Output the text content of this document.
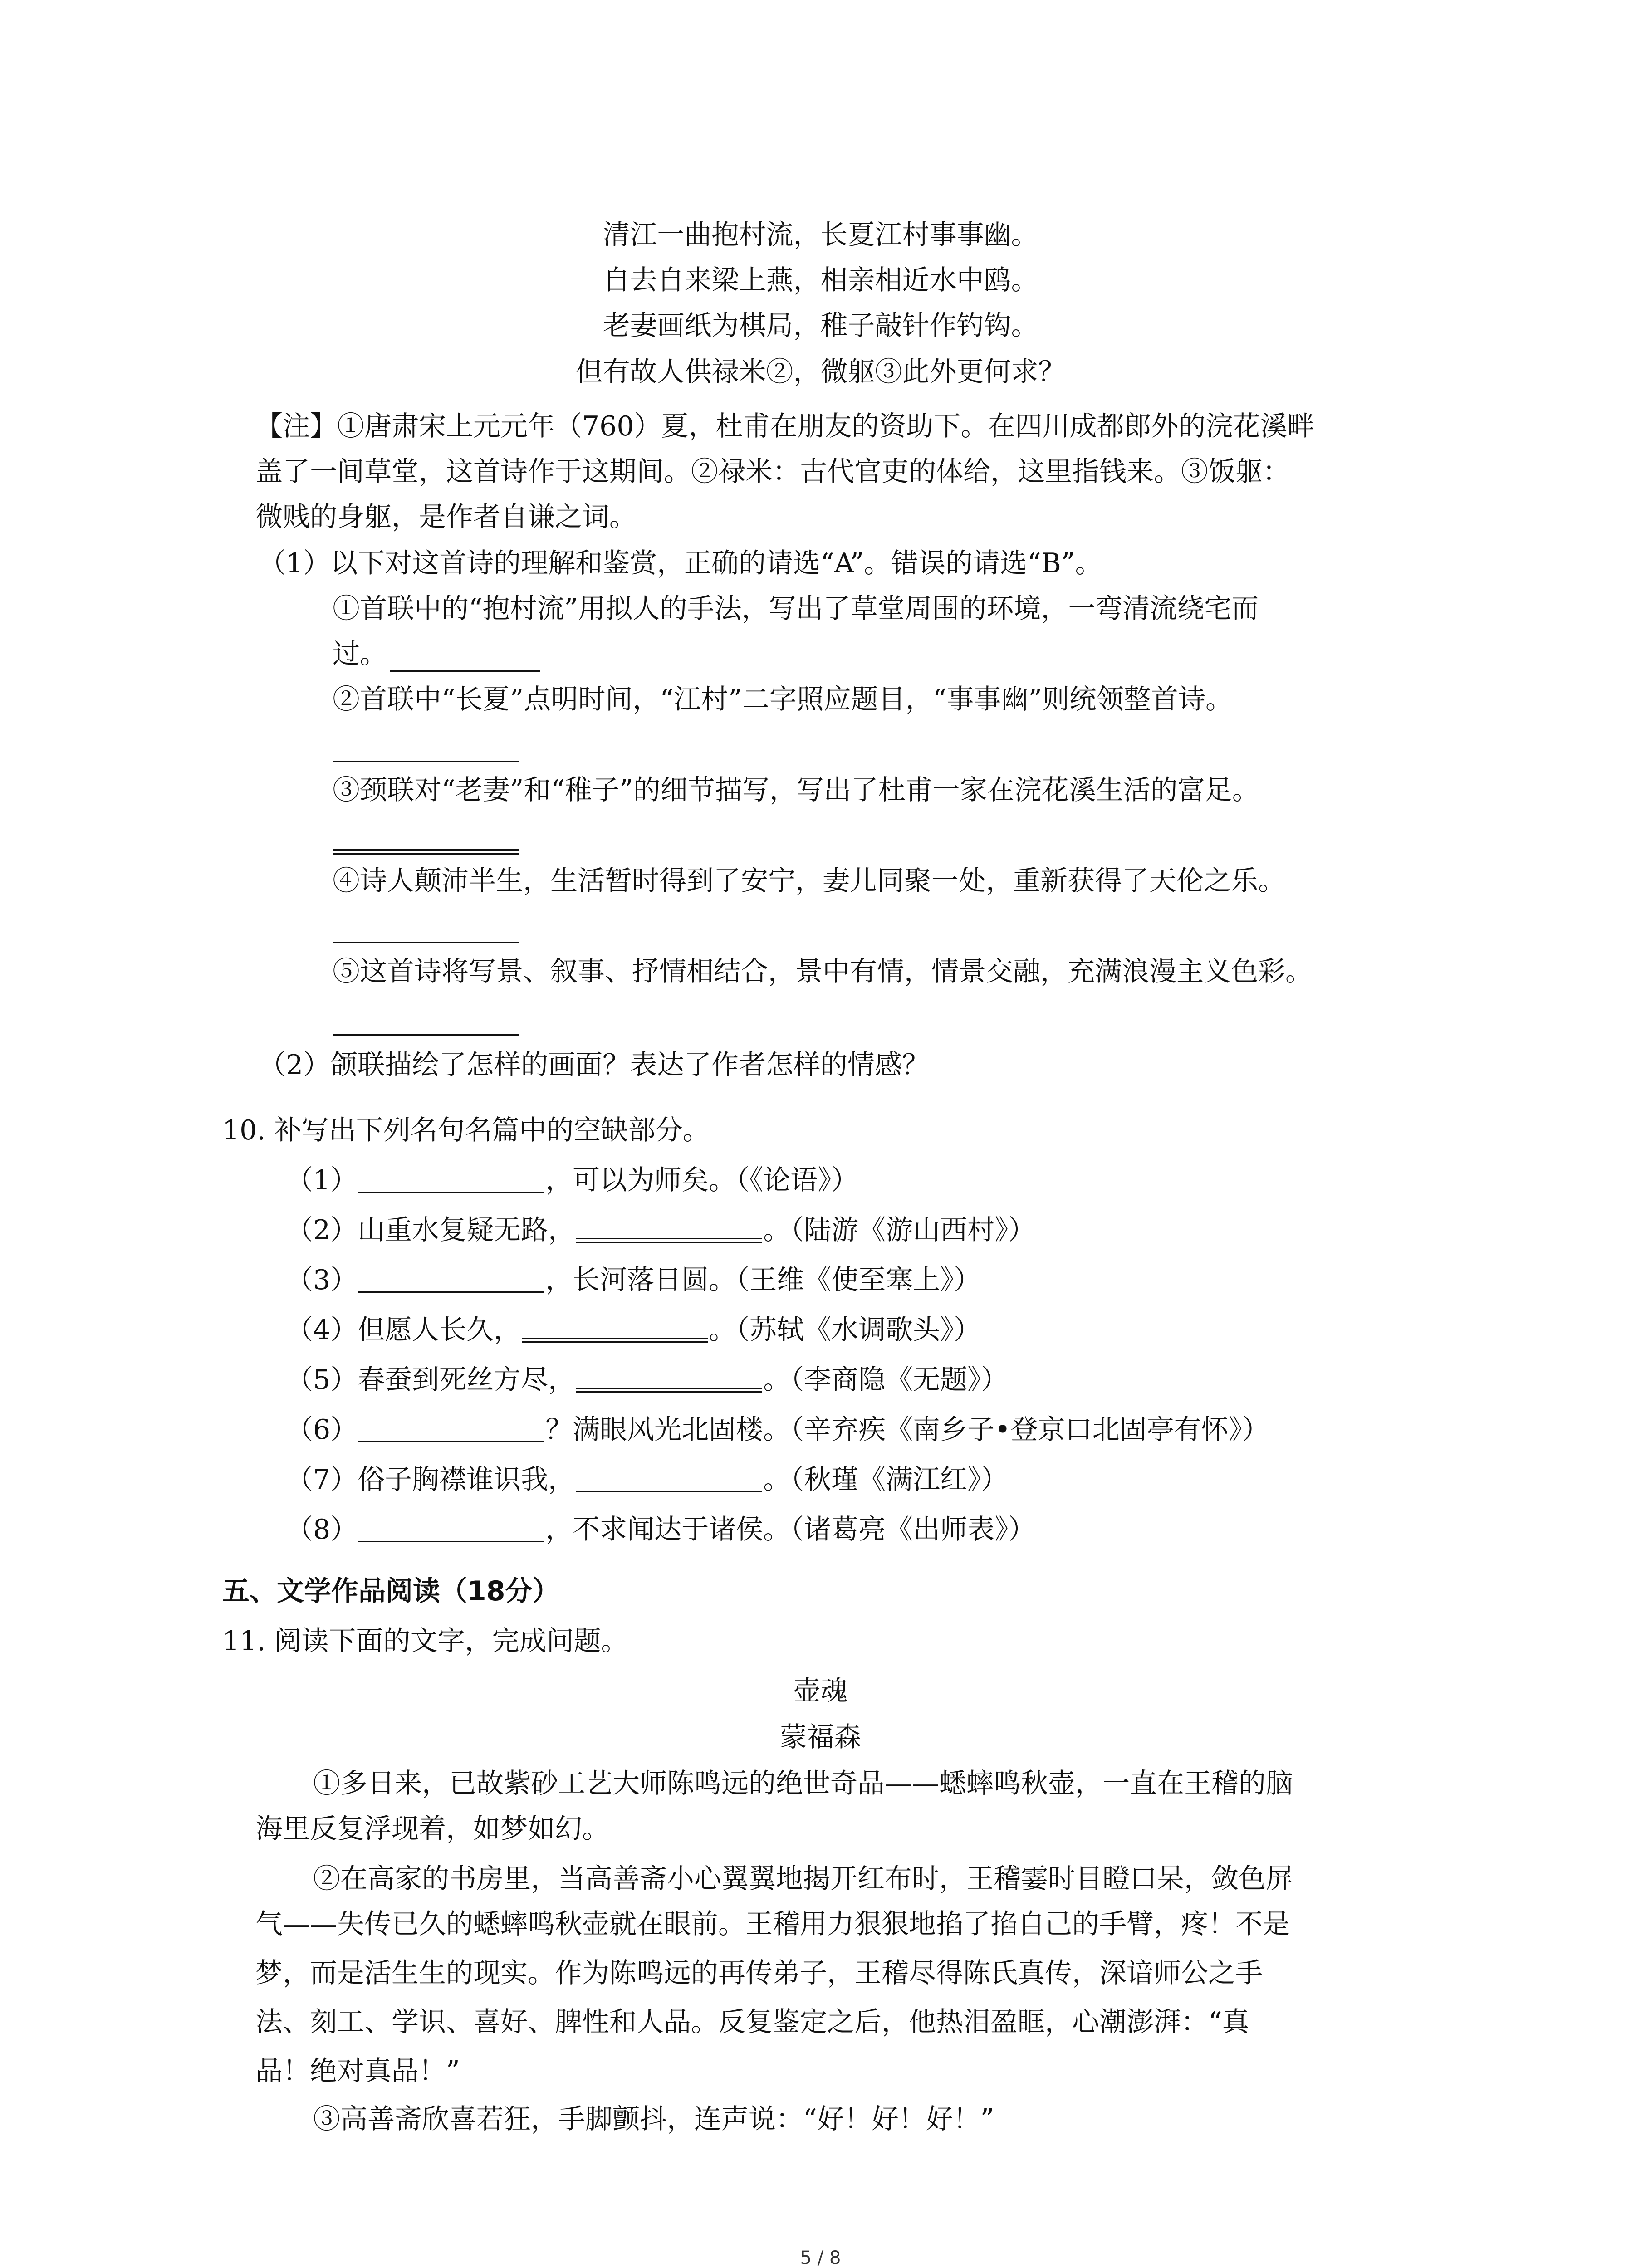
清江一曲抱村流，长夏江村事事幽。
自去自来梁上燕，相亲相近水中鸥。
老妻画纸为棋局，稚子敲针作钓钩。
但有故人供禄米②，微躯③此外更何求？
【注】①唐肃宋上元元年（760）夏，杜甫在朋友的资助下。在四川成都郎外的浣花溪畔
盖了一间草堂，这首诗作于这期间。②禄米：古代官吏的体给，这里指钱来。③饭躯：
微贱的身躯，是作者自谦之词。
（1）以下对这首诗的理解和鉴赏，正确的请选“A”。错误的请选“B”。
①首联中的“抱村流”用拟人的手法，写出了草堂周围的环境，一弯清流绕宅而
过。
②首联中“长夏”点明时间，“江村”二字照应题目，“事事幽”则统领整首诗。
③颈联对“老妻”和“稚子”的细节描写，写出了杜甫一家在浣花溪生活的富足。
④诗人颠沛半生，生活暂时得到了安宁，妻儿同聚一处，重新获得了天伦之乐。
⑤这首诗将写景、叙事、抒情相结合，景中有情，情景交融，充满浪漫主义色彩。
（2）颌联描绘了怎样的画面？表达了作者怎样的情感？
10. 补写出下列名句名篇中的空缺部分。
（1）	，可以为师矣。（《论语》）
（2）山重水复疑无路，	。（陆游《游山西村》）
（3）	，长河落日圆。（王维《使至塞上》）
（4）但愿人长久，	。（苏轼《水调歌头》）
（5）春蚕到死丝方尽，	。（李商隐《无题》）
（6）	？满眼风光北固楼。（辛弃疾《南乡子•登京口北固亭有怀》）
（7）俗子胸襟谁识我，	。（秋瑾《满江红》）
（8）	，不求闻达于诸侯。（诸葛亮《出师表》）
五、文学作品阅读（18分）
11. 阅读下面的文字，完成问题。
壶魂
蒙福森
①多日来，已故紫砂工艺大师陈鸣远的绝世奇品——蟋蟀鸣秋壶，一直在王稽的脑
海里反复浮现着，如梦如幻。
②在高家的书房里，当高善斋小心翼翼地揭开红布时，王稽霎时目瞪口呆，敛色屏
气——失传已久的蟋蟀鸣秋壶就在眼前。王稽用力狠狠地掐了掐自己的手臂，疼！不是
梦，而是活生生的现实。作为陈鸣远的再传弟子，王稽尽得陈氏真传，深谙师公之手
法、刻工、学识、喜好、脾性和人品。反复鉴定之后，他热泪盈眶，心潮澎湃：“真
品！绝对真品！”
③高善斋欣喜若狂，手脚颤抖，连声说：“好！好！好！”
5 / 8
